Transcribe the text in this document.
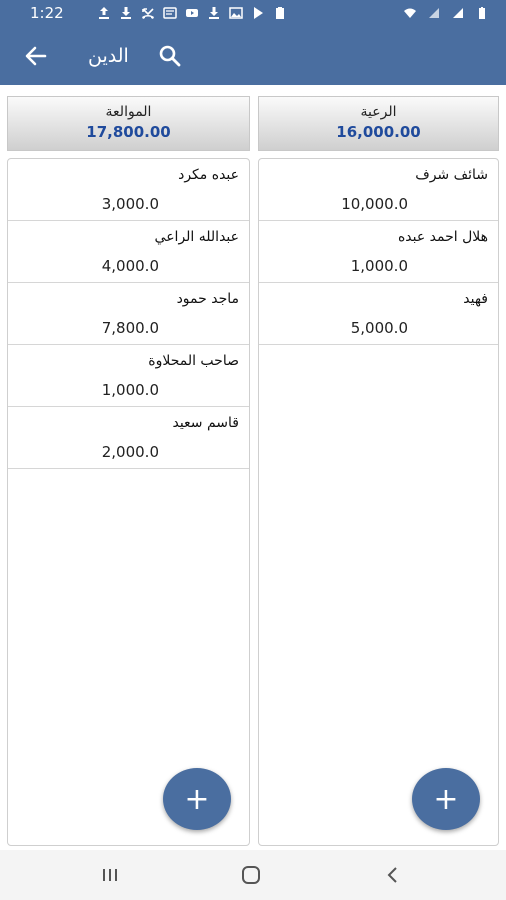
1:22
الدين
الموالعة
17,800.00
عبده مكرد
3,000.0
عبدالله الراعي
4,000.0
ماجد حمود
7,800.0
صاحب المحلاوة
1,000.0
قاسم سعيد
2,000.0
+
الرعية
16,000.00
شائف شرف
10,000.0
هلال احمد عبده
1,000.0
فهيد
5,000.0
+
